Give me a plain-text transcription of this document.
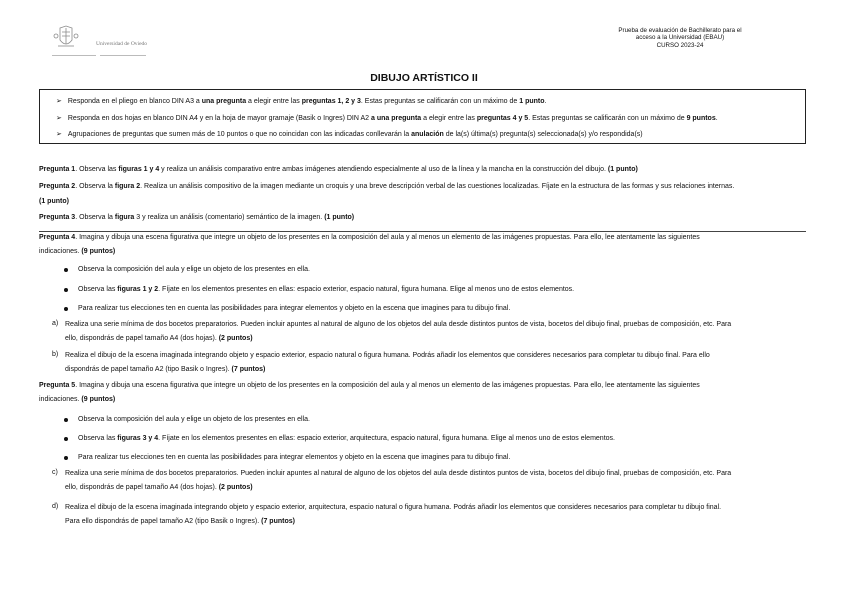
Universidad de Oviedo
Prueba de evaluación de Bachillerato para el
acceso a la Universidad (EBAU)
CURSO 2023-24
DIBUJO ARTÍSTICO II
➢ Responda en el pliego en blanco DIN A3 a una pregunta a elegir entre las preguntas 1, 2 y 3. Estas preguntas se calificarán con un máximo de 1 punto.
➢ Responda en dos hojas en blanco DIN A4 y en la hoja de mayor gramaje (Basik o Ingres) DIN A2 a una pregunta a elegir entre las preguntas 4 y 5. Estas preguntas se calificarán con un máximo de 9 puntos.
➢ Agrupaciones de preguntas que sumen más de 10 puntos o que no coincidan con las indicadas conllevarán la anulación de la(s) última(s) pregunta(s) seleccionada(s) y/o respondida(s)
Pregunta 1. Observa las figuras 1 y 4 y realiza un análisis comparativo entre ambas imágenes atendiendo especialmente al uso de la línea y la mancha en la construcción del dibujo. (1 punto)
Pregunta 2. Observa la figura 2. Realiza un análisis compositivo de la imagen mediante un croquis y una breve descripción verbal de las cuestiones localizadas. Fíjate en la estructura de las formas y sus relaciones internas.
(1 punto)
Pregunta 3. Observa la figura 3 y realiza un análisis (comentario) semántico de la imagen. (1 punto)
Pregunta 4. Imagina y dibuja una escena figurativa que integre un objeto de los presentes en la composición del aula y al menos un elemento de las imágenes propuestas. Para ello, lee atentamente las siguientes
indicaciones. (9 puntos)
Observa la composición del aula y elige un objeto de los presentes en ella.
Observa las figuras 1 y 2. Fíjate en los elementos presentes en ellas: espacio exterior, espacio natural, figura humana. Elige al menos uno de estos elementos.
Para realizar tus elecciones ten en cuenta las posibilidades para integrar elementos y objeto en la escena que imagines para tu dibujo final.
a) Realiza una serie mínima de dos bocetos preparatorios. Pueden incluir apuntes al natural de alguno de los objetos del aula desde distintos puntos de vista, bocetos del dibujo final, pruebas de composición, etc. Para
ello, dispondrás de papel tamaño A4 (dos hojas). (2 puntos)
b) Realiza el dibujo de la escena imaginada integrando objeto y espacio exterior, espacio natural o figura humana. Podrás añadir los elementos que consideres necesarios para completar tu dibujo final. Para ello
dispondrás de papel tamaño A2 (tipo Basik o Ingres). (7 puntos)
Pregunta 5. Imagina y dibuja una escena figurativa que integre un objeto de los presentes en la composición del aula y al menos un elemento de las imágenes propuestas. Para ello, lee atentamente las siguientes
indicaciones. (9 puntos)
Observa la composición del aula y elige un objeto de los presentes en ella.
Observa las figuras 3 y 4. Fíjate en los elementos presentes en ellas: espacio exterior, arquitectura, espacio natural, figura humana. Elige al menos uno de estos elementos.
Para realizar tus elecciones ten en cuenta las posibilidades para integrar elementos y objeto en la escena que imagines para tu dibujo final.
c) Realiza una serie mínima de dos bocetos preparatorios. Pueden incluir apuntes al natural de alguno de los objetos del aula desde distintos puntos de vista, bocetos del dibujo final, pruebas de composición, etc. Para
ello, dispondrás de papel tamaño A4 (dos hojas). (2 puntos)
d) Realiza el dibujo de la escena imaginada integrando objeto y espacio exterior, arquitectura, espacio natural o figura humana. Podrás añadir los elementos que consideres necesarios para completar tu dibujo final.
Para ello dispondrás de papel tamaño A2 (tipo Basik o Ingres). (7 puntos)
